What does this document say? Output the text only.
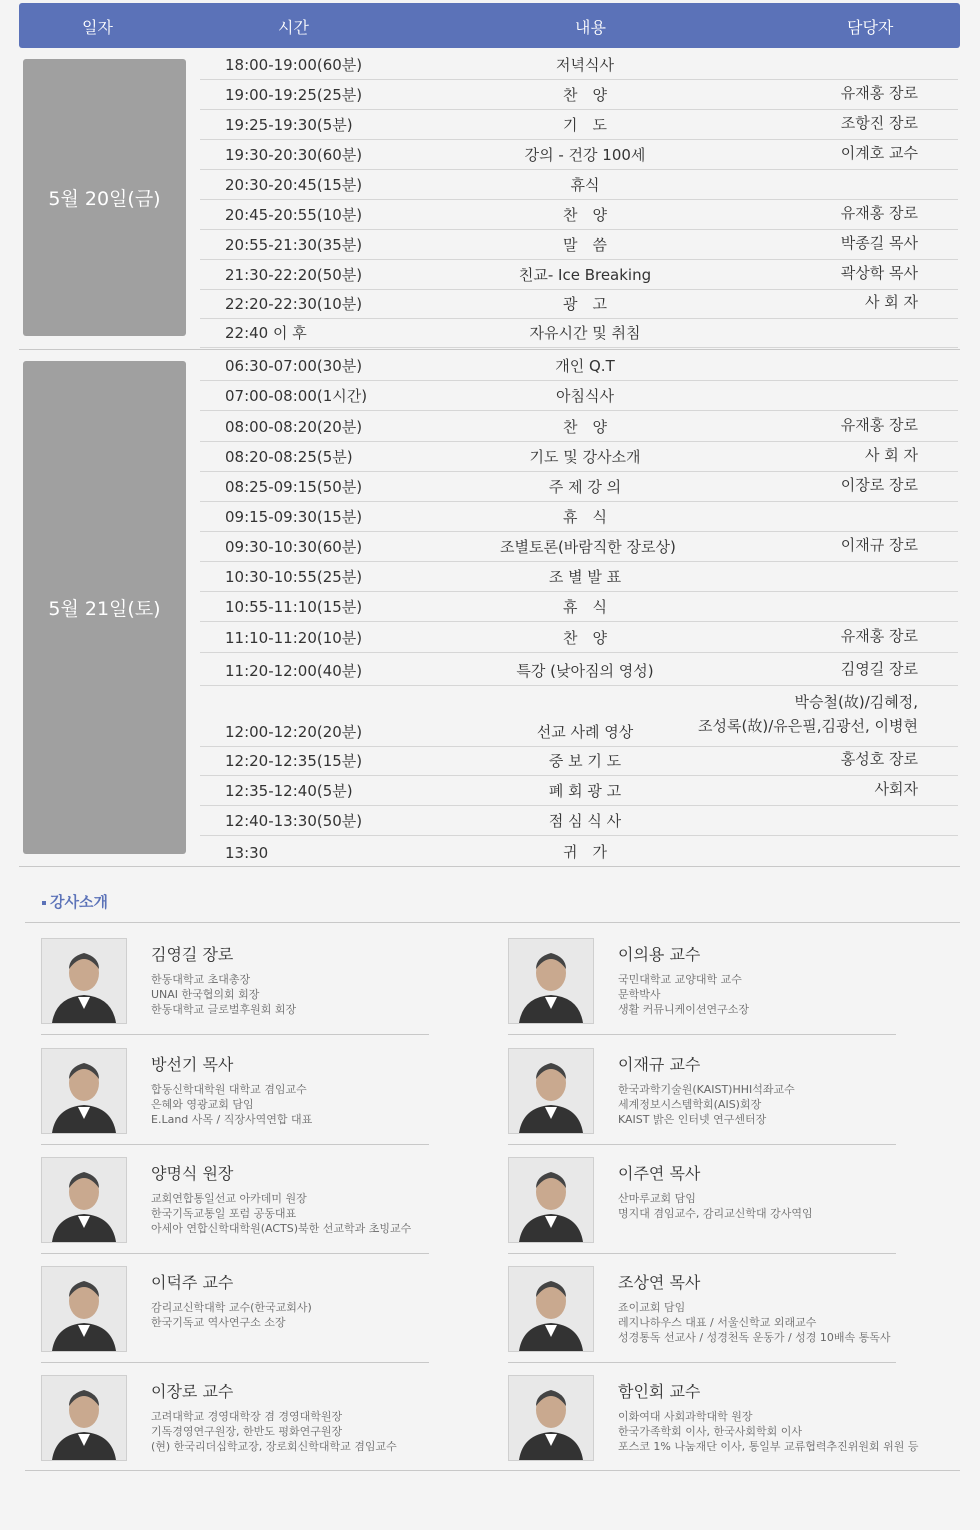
일자	시간	내용	담당자
5월 20일(금)
5월 21일(토)
18:00-19:00(60분)	저녁식사
19:00-19:25(25분)	찬　양	유재홍 장로
19:25-19:30(5분)	기　도	조항진 장로
19:30-20:30(60분)	강의 - 건강 100세	이계호 교수
20:30-20:45(15분)	휴식
20:45-20:55(10분)	찬　양	유재홍 장로
20:55-21:30(35분)	말　씀	박종길 목사
21:30-22:20(50분)	친교- Ice Breaking	곽상학 목사
22:20-22:30(10분)	광　고	사 회 자
22:40 이 후	자유시간 및 취침
06:30-07:00(30분)	개인 Q.T
07:00-08:00(1시간)	아침식사
08:00-08:20(20분)	찬　양	유재홍 장로
08:20-08:25(5분)	기도 및 강사소개	사 회 자
08:25-09:15(50분)	주 제 강 의	이장로 장로
09:15-09:30(15분)	휴　식
09:30-10:30(60분)	조별토론(바람직한 장로상)	이재규 장로
10:30-10:55(25분)	조 별 발 표
10:55-11:10(15분)	휴　식
11:10-11:20(10분)	찬　양	유재홍 장로
11:20-12:00(40분)	특강 (낮아짐의 영성)	김영길 장로
12:00-12:20(20분)	선교 사례 영상
박승철(故)/김혜정,
조성록(故)/유은필,김광선, 이병현
12:20-12:35(15분)	중 보 기 도	홍성호 장로
12:35-12:40(5분)	폐 회 광 고	사회자
12:40-13:30(50분)	점 심 식 사
13:30	귀　가
강사소개
김영길 장로
한동대학교 초대총장
UNAI 한국협의회 회장
한동대학교 글로벌후원회 회장
이의용 교수
국민대학교 교양대학 교수
문학박사
생활 커뮤니케이션연구소장
방선기 목사
합동신학대학원 대학교 겸임교수
은혜와 영광교회 담임
E.Land 사목 / 직장사역연합 대표
이재규 교수
한국과학기술원(KAIST)HHI석좌교수
세계정보시스템학회(AIS)회장
KAIST 밝은 인터넷 연구센터장
양명식 원장
교회연합통일선교 아카데미 원장
한국기독교통일 포럼 공동대표
아세아 연합신학대학원(ACTS)북한 선교학과 초빙교수
이주연 목사
산마루교회 담임
명지대 겸임교수, 감리교신학대 강사역임
이덕주 교수
감리교신학대학 교수(한국교회사)
한국기독교 역사연구소 소장
조상연 목사
죠이교회 담임
레지나하우스 대표 / 서울신학교 외래교수
성경통독 선교사 / 성경천독 운동가 / 성경 10배속 통독사
이장로 교수
고려대학교 경영대학장 겸 경영대학원장
기독경영연구원장, 한반도 평화연구원장
(현) 한국리더십학교장, 장로회신학대학교 겸임교수
함인회 교수
이화여대 사회과학대학 원장
한국가족학회 이사, 한국사회학회 이사
포스코 1% 나눔재단 이사, 통일부 교류협력추진위원회 위원 등
